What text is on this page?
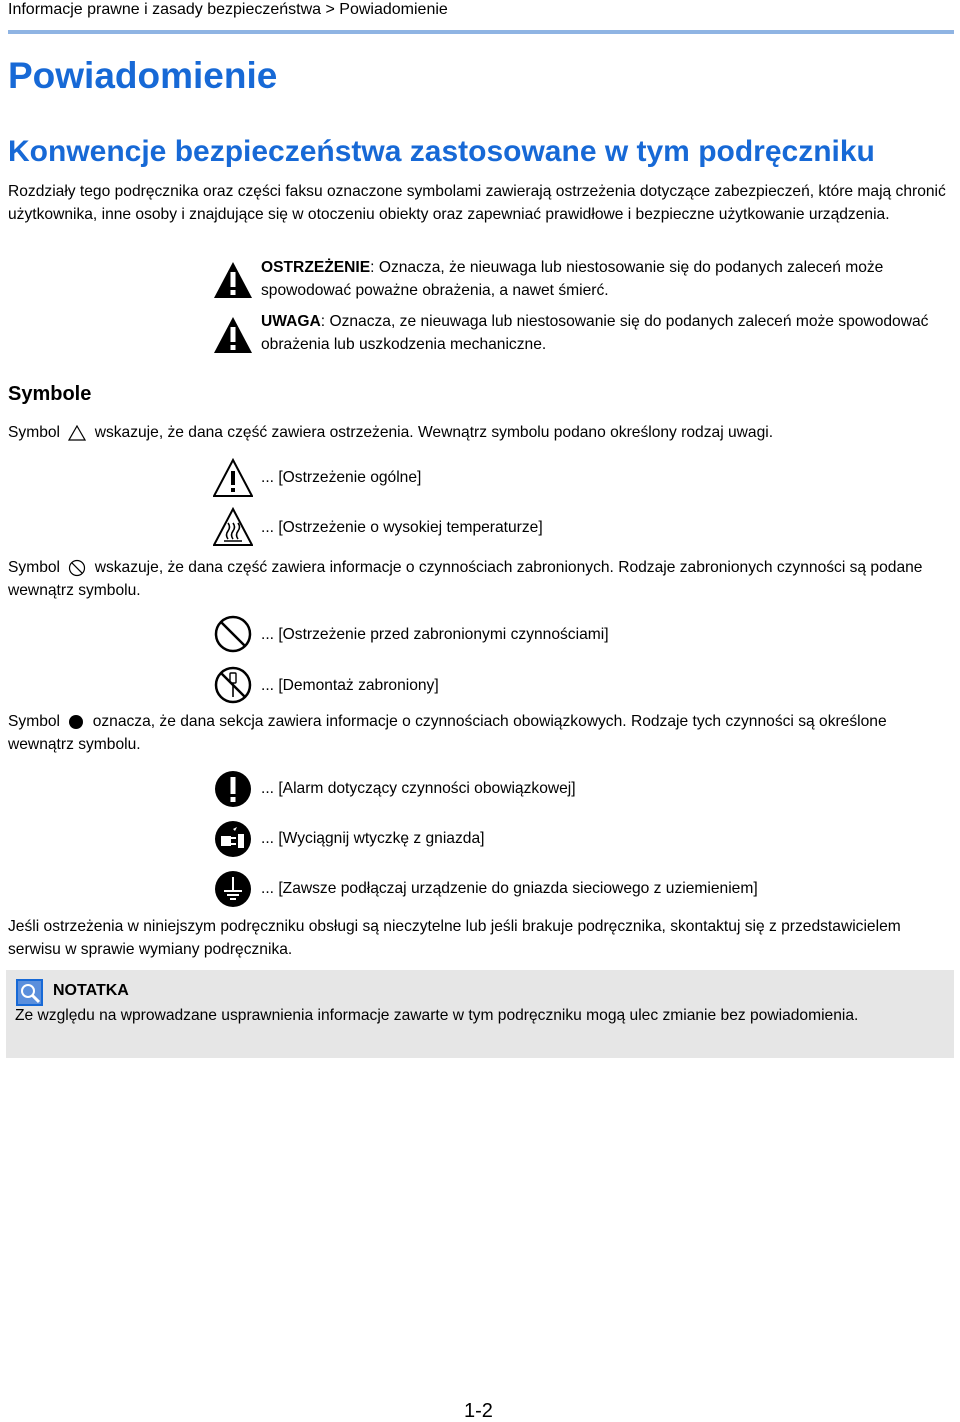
Informacje prawne i zasady bezpieczeństwa > Powiadomienie
Powiadomienie
Konwencje bezpieczeństwa zastosowane w tym podręczniku
Rozdziały tego podręcznika oraz części faksu oznaczone symbolami zawierają ostrzeżenia dotyczące zabezpieczeń, które mają chronić użytkownika, inne osoby i znajdujące się w otoczeniu obiekty oraz zapewniać prawidłowe i bezpieczne użytkowanie urządzenia.
OSTRZEŻENIE: Oznacza, że nieuwaga lub niestosowanie się do podanych zaleceń może spowodować poważne obrażenia, a nawet śmierć.
UWAGA: Oznacza, ze nieuwaga lub niestosowanie się do podanych zaleceń może spowodować obrażenia lub uszkodzenia mechaniczne.
Symbole
Symbol wskazuje, że dana część zawiera ostrzeżenia. Wewnątrz symbolu podano określony rodzaj uwagi.
... [Ostrzeżenie ogólne]
... [Ostrzeżenie o wysokiej temperaturze]
Symbol wskazuje, że dana część zawiera informacje o czynnościach zabronionych. Rodzaje zabronionych czynności są podane wewnątrz symbolu.
... [Ostrzeżenie przed zabronionymi czynnościami]
... [Demontaż zabroniony]
Symbol oznacza, że dana sekcja zawiera informacje o czynnościach obowiązkowych. Rodzaje tych czynności są określone wewnątrz symbolu.
... [Alarm dotyczący czynności obowiązkowej]
... [Wyciągnij wtyczkę z gniazda]
... [Zawsze podłączaj urządzenie do gniazda sieciowego z uziemieniem]
Jeśli ostrzeżenia w niniejszym podręczniku obsługi są nieczytelne lub jeśli brakuje podręcznika, skontaktuj się z przedstawicielem serwisu w sprawie wymiany podręcznika.
NOTATKA
Ze względu na wprowadzane usprawnienia informacje zawarte w tym podręczniku mogą ulec zmianie bez powiadomienia.
1-2
